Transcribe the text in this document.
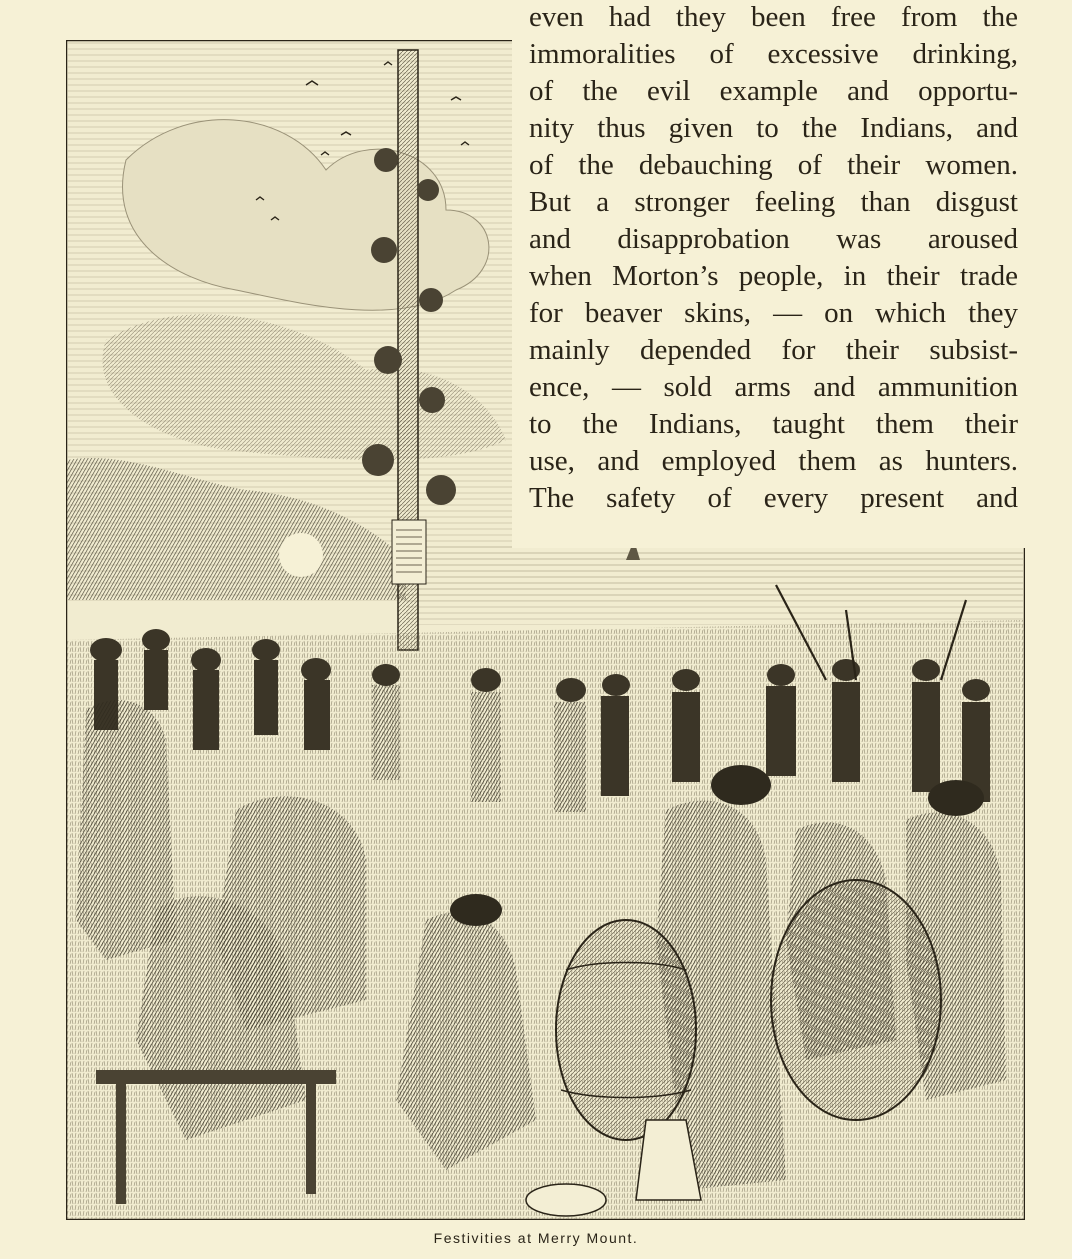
even had they been free from the
immoralities of excessive drinking,
of the evil example and opportu-
nity thus given to the Indians, and
of the debauching of their women.
But a stronger feeling than disgust
and disapprobation was aroused
when Morton’s people, in their trade
for beaver skins, — on which they
mainly depended for their subsist-
ence, — sold arms and ammunition
to the Indians, taught them their
use, and employed them as hunters.
The safety of every present and
Festivities at Merry Mount.
